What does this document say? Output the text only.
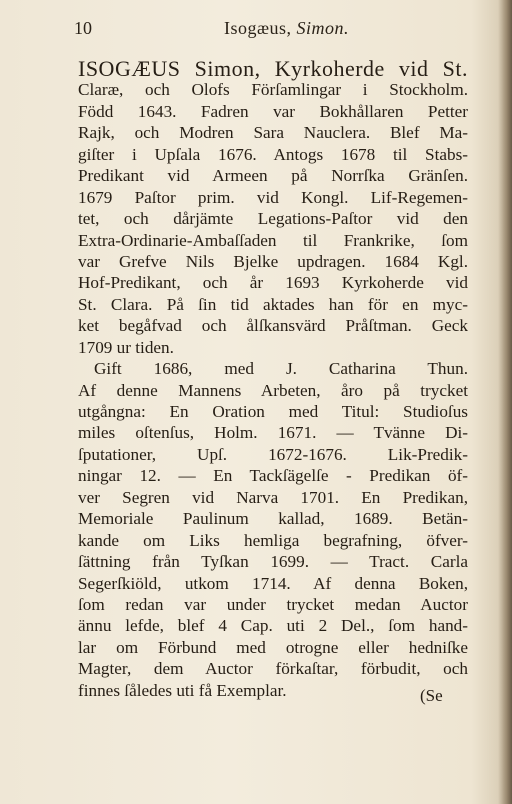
10	Isogæus, Simon.
ISOGÆUS Simon, Kyrkoherde vid St.
Claræ, och Olofs Förſamlingar i Stockholm.
Född 1643. Fadren var Bokhållaren Petter
Rajk, och Modren Sara Nauclera. Blef Ma-
giſter i Upſala 1676. Antogs 1678 til Stabs-
Predikant vid Armeen på Norrſka Gränſen.
1679 Paſtor prim. vid Kongl. Lif-Regemen-
tet, och dårjämte Legations-Paſtor vid den
Extra-Ordinarie-Ambaſſaden til Frankrike, ſom
var Grefve Nils Bjelke updragen. 1684 Kgl.
Hof-Predikant, och år 1693 Kyrkoherde vid
St. Clara. På ſin tid aktades han för en myc-
ket begåfvad och ålſkansvärd Pråſtman. Geck
1709 ur tiden.
Gift 1686, med J. Catharina Thun.
Af denne Mannens Arbeten, åro på trycket
utgångna: En Oration med Titul: Studioſus
miles oſtenſus, Holm. 1671. — Tvänne Di-
ſputationer, Upſ. 1672-1676. Lik-Predik-
ningar 12. — En Tackſägelſe - Predikan öf-
ver Segren vid Narva 1701. En Predikan,
Memoriale Paulinum kallad, 1689. Betän-
kande om Liks hemliga begrafning, öfver-
ſättning från Tyſkan 1699. — Tract. Carla
Segerſkiöld, utkom 1714. Af denna Boken,
ſom redan var under trycket medan Auctor
ännu lefde, blef 4 Cap. uti 2 Del., ſom hand-
lar om Förbund med otrogne eller hedniſke
Magter, dem Auctor förkaſtar, förbudit, och
finnes ſåledes uti få Exemplar.	(Se
